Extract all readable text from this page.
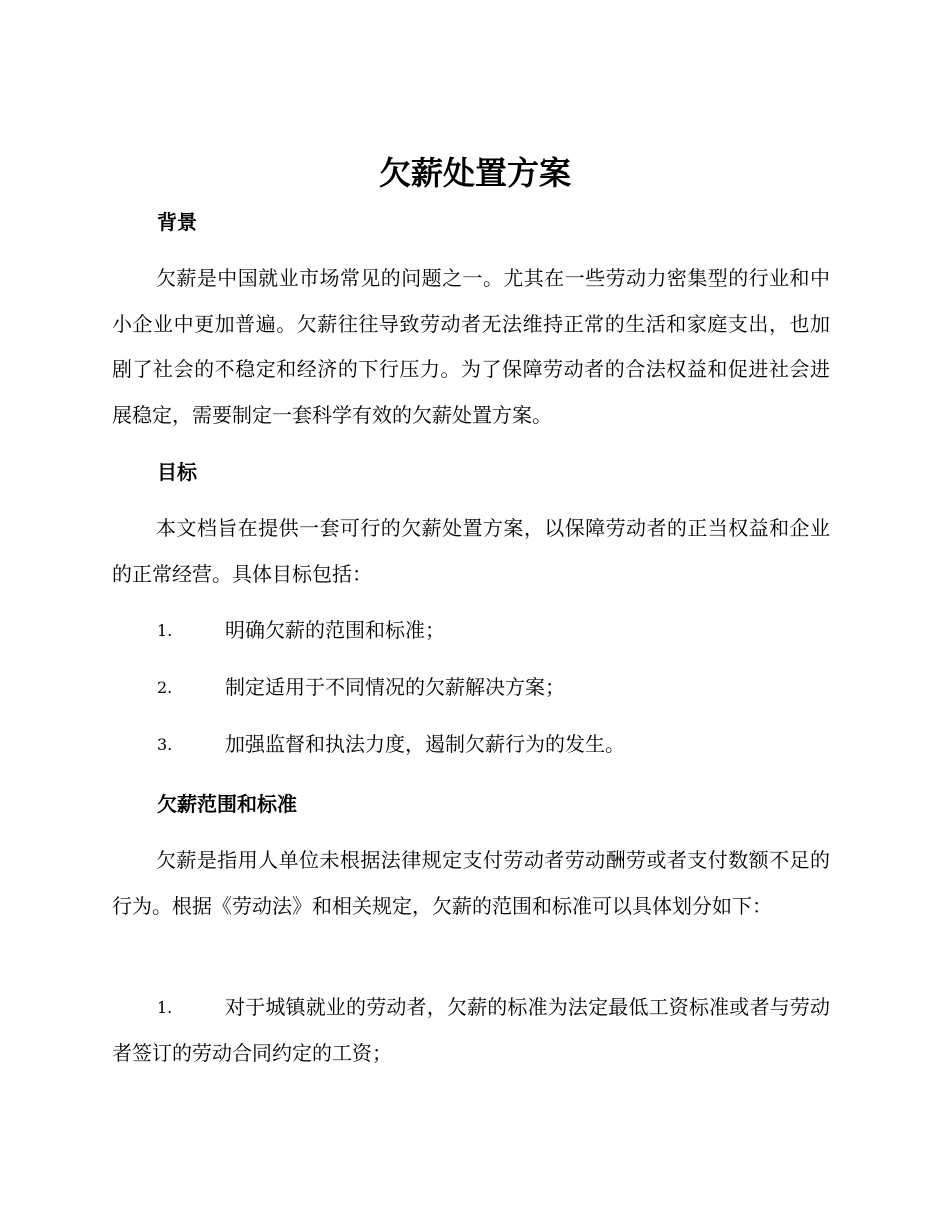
欠薪处置方案
背景

欠薪是中国就业市场常见的问题之一。尤其在一些劳动力密集型的行业和中小企业中更加普遍。欠薪往往导致劳动者无法维持正常的生活和家庭支出，也加剧了社会的不稳定和经济的下行压力。为了保障劳动者的合法权益和促进社会进展稳定，需要制定一套科学有效的欠薪处置方案。

目标

本文档旨在提供一套可行的欠薪处置方案，以保障劳动者的正当权益和企业的正常经营。具体目标包括：

1.	明确欠薪的范围和标准；
2.	制定适用于不同情况的欠薪解决方案；
3.	加强监督和执法力度，遏制欠薪行为的发生。
欠薪范围和标准

欠薪是指用人单位未根据法律规定支付劳动者劳动酬劳或者支付数额不足的行为。根据《劳动法》和相关规定，欠薪的范围和标准可以具体划分如下：

1.	对于城镇就业的劳动者，欠薪的标准为法定最低工资标准或者与劳动者签订的劳动合同约定的工资；
